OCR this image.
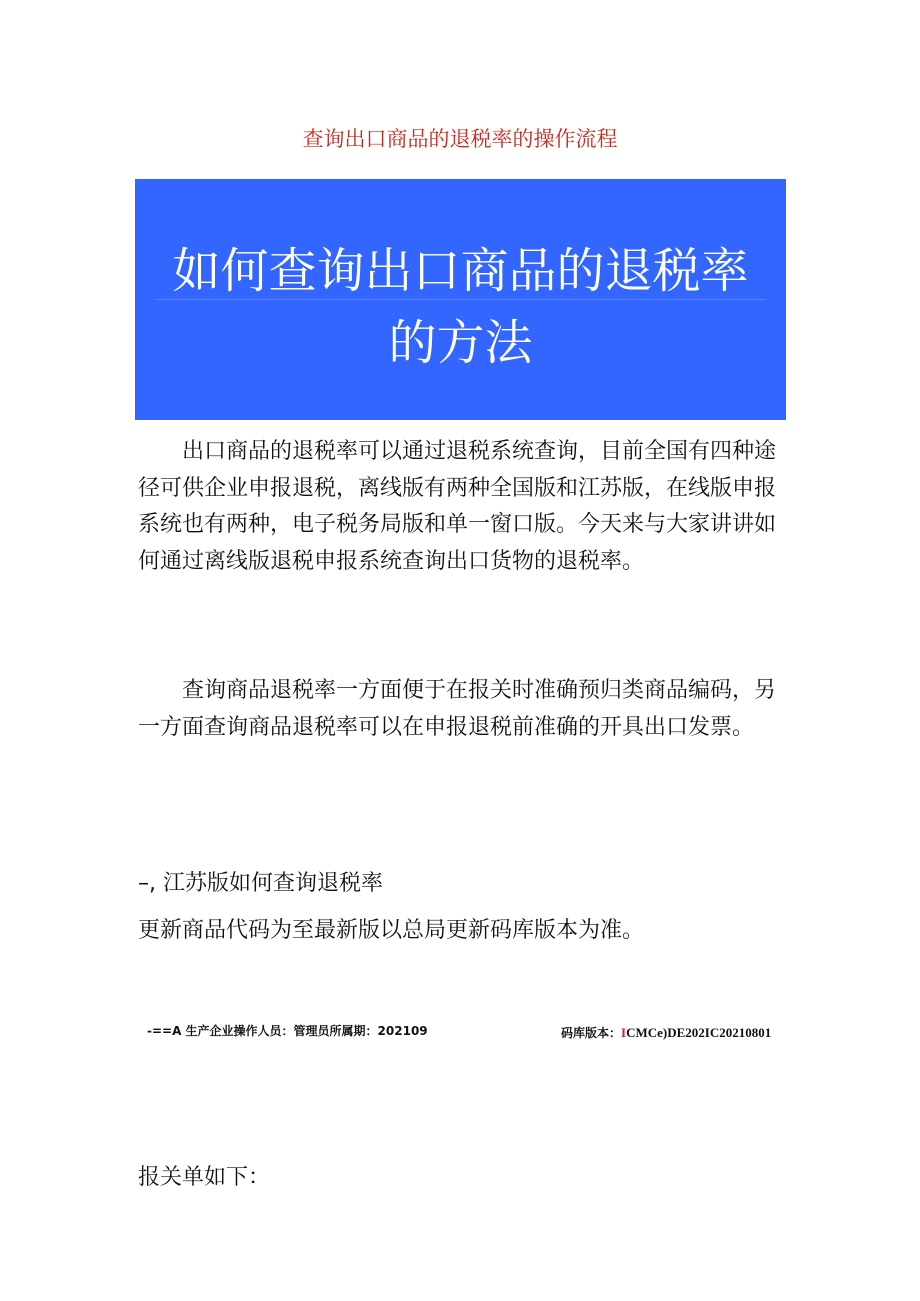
查询出口商品的退税率的操作流程
如何查询出口商品的退税率
的方法

出口商品的退税率可以通过退税系统查询，目前全国有四种途径可供企业申报退税，离线版有两种全国版和江苏版，在线版申报系统也有两种，电子税务局版和单一窗口版。今天来与大家讲讲如何通过离线版退税申报系统查询出口货物的退税率。

查询商品退税率一方面便于在报关时准确预归类商品编码，另一方面查询商品退税率可以在申报退税前准确的开具出口发票。

–, 江苏版如何查询退税率
更新商品代码为至最新版以总局更新码库版本为准。
-==A 生产企业操作人员：管理员所属期：202109	码库版本：ICMCe)DE202IC20210801
报关单如下：
